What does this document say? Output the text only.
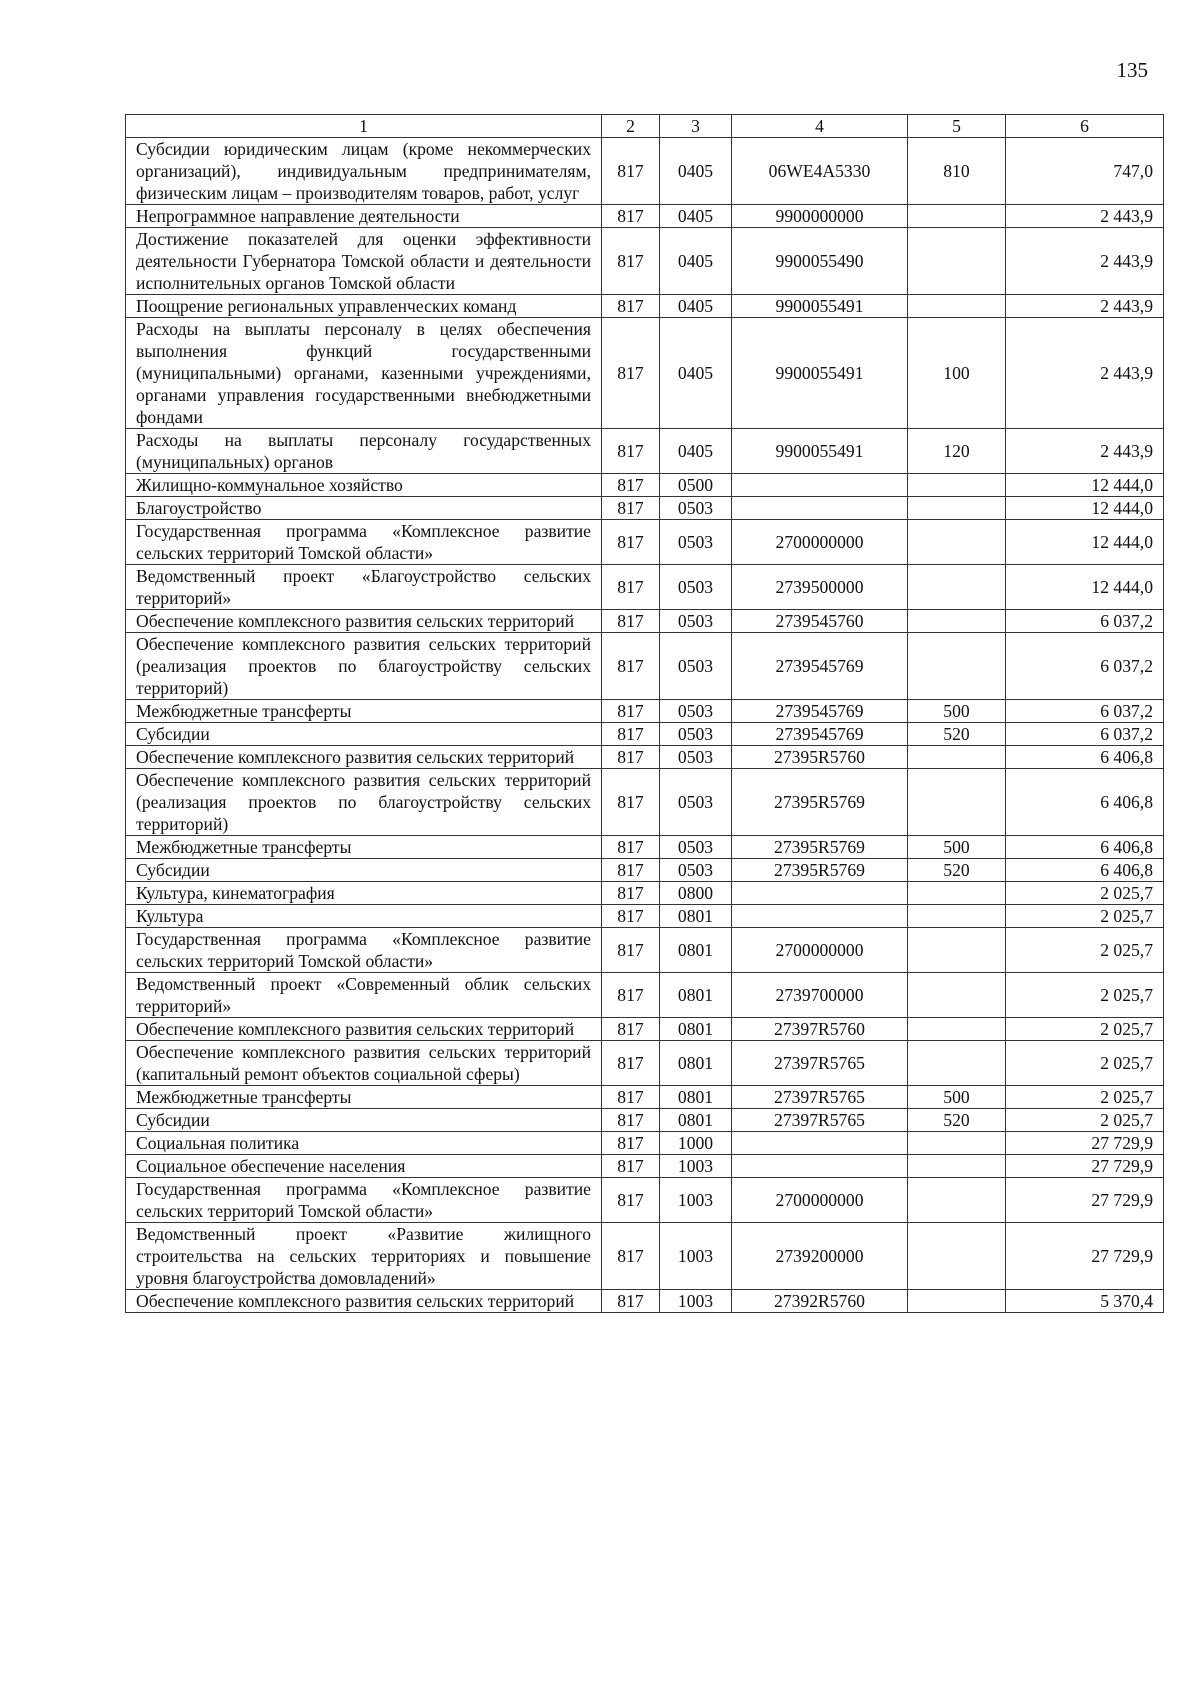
135
1	2	3	4	5	6
Субсидии юридическим лицам (кроме некоммерческих организаций), индивидуальным предпринимателям, физическим лицам – производителям товаров, работ, услуг	817	0405	06WE4A5330	810	747,0
Непрограммное направление деятельности	817	0405	9900000000		2 443,9
Достижение показателей для оценки эффективности деятельности Губернатора Томской области и деятельности исполнительных органов Томской области	817	0405	9900055490		2 443,9
Поощрение региональных управленческих команд	817	0405	9900055491		2 443,9
Расходы на выплаты персоналу в целях обеспечения выполнения функций государственными (муниципальными) органами, казенными учреждениями, органами управления государственными внебюджетными фондами	817	0405	9900055491	100	2 443,9
Расходы на выплаты персоналу государственных (муниципальных) органов	817	0405	9900055491	120	2 443,9
Жилищно-коммунальное хозяйство	817	0500			12 444,0
Благоустройство	817	0503			12 444,0
Государственная программа «Комплексное развитие сельских территорий Томской области»	817	0503	2700000000		12 444,0
Ведомственный проект «Благоустройство сельских территорий»	817	0503	2739500000		12 444,0
Обеспечение комплексного развития сельских территорий	817	0503	2739545760		6 037,2
Обеспечение комплексного развития сельских территорий (реализация проектов по благоустройству сельских территорий)	817	0503	2739545769		6 037,2
Межбюджетные трансферты	817	0503	2739545769	500	6 037,2
Субсидии	817	0503	2739545769	520	6 037,2
Обеспечение комплексного развития сельских территорий	817	0503	27395R5760		6 406,8
Обеспечение комплексного развития сельских территорий (реализация проектов по благоустройству сельских территорий)	817	0503	27395R5769		6 406,8
Межбюджетные трансферты	817	0503	27395R5769	500	6 406,8
Субсидии	817	0503	27395R5769	520	6 406,8
Культура, кинематография	817	0800			2 025,7
Культура	817	0801			2 025,7
Государственная программа «Комплексное развитие сельских территорий Томской области»	817	0801	2700000000		2 025,7
Ведомственный проект «Современный облик сельских территорий»	817	0801	2739700000		2 025,7
Обеспечение комплексного развития сельских территорий	817	0801	27397R5760		2 025,7
Обеспечение комплексного развития сельских территорий (капитальный ремонт объектов социальной сферы)	817	0801	27397R5765		2 025,7
Межбюджетные трансферты	817	0801	27397R5765	500	2 025,7
Субсидии	817	0801	27397R5765	520	2 025,7
Социальная политика	817	1000			27 729,9
Социальное обеспечение населения	817	1003			27 729,9
Государственная программа «Комплексное развитие сельских территорий Томской области»	817	1003	2700000000		27 729,9
Ведомственный проект «Развитие жилищного строительства на сельских территориях и повышение уровня благоустройства домовладений»	817	1003	2739200000		27 729,9
Обеспечение комплексного развития сельских территорий	817	1003	27392R5760		5 370,4
